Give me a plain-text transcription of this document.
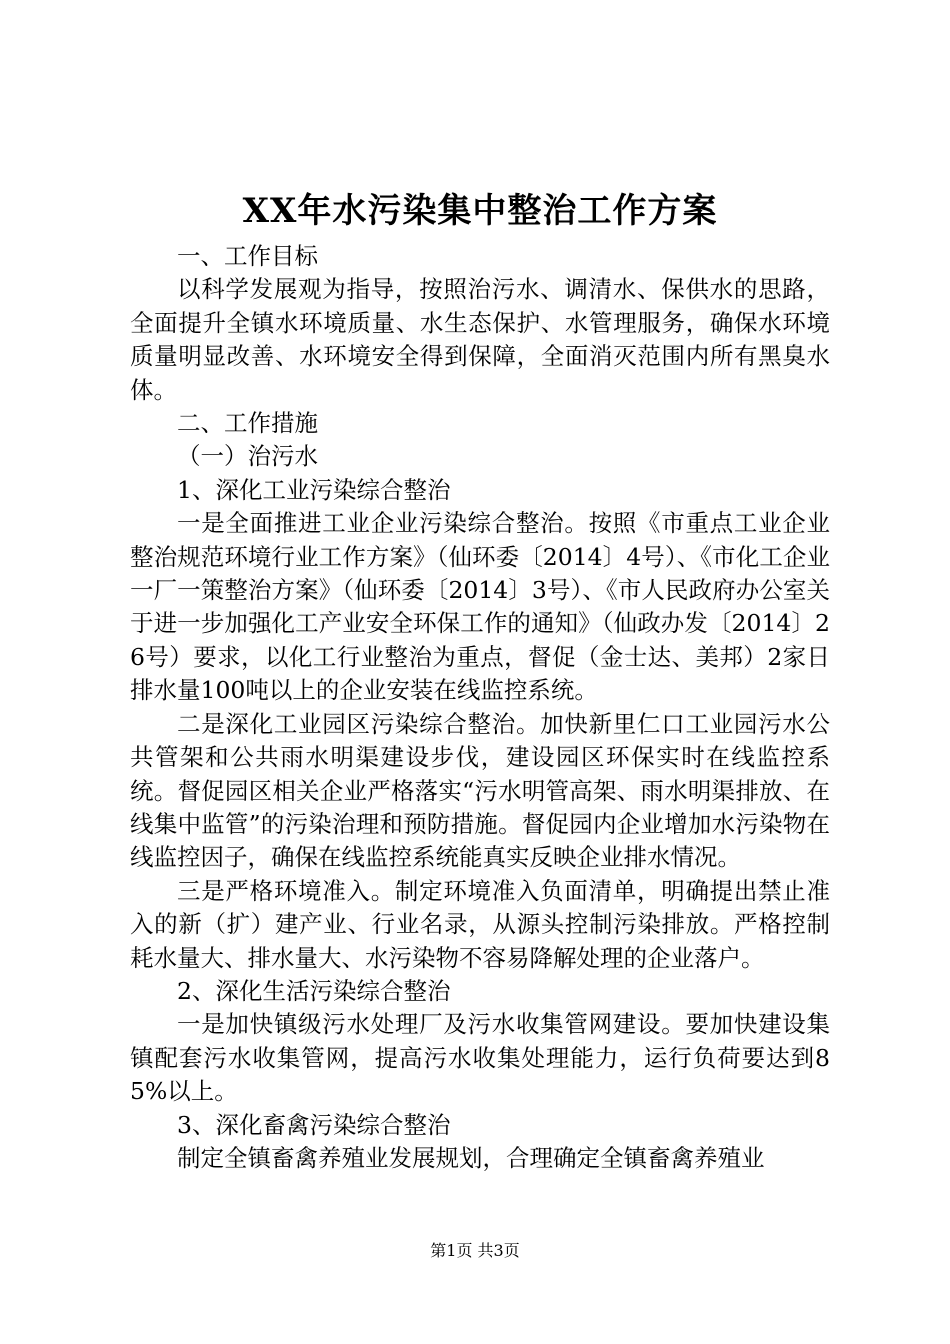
XX年水污染集中整治工作方案

一、工作目标

以科学发展观为指导，按照治污水、调清水、保供水的思路，全面提升全镇水环境质量、水生态保护、水管理服务，确保水环境质量明显改善、水环境安全得到保障，全面消灭范围内所有黑臭水体。

二、工作措施

（一）治污水

1、深化工业污染综合整治

一是全面推进工业企业污染综合整治。按照《市重点工业企业整治规范环境行业工作方案》（仙环委〔2014〕4号）、《市化工企业一厂一策整治方案》（仙环委〔2014〕3号）、《市人民政府办公室关于进一步加强化工产业安全环保工作的通知》（仙政办发〔2014〕26号）要求，以化工行业整治为重点，督促（金士达、美邦）2家日排水量100吨以上的企业安装在线监控系统。

二是深化工业园区污染综合整治。加快新里仁口工业园污水公共管架和公共雨水明渠建设步伐，建设园区环保实时在线监控系统。督促园区相关企业严格落实“污水明管高架、雨水明渠排放、在线集中监管”的污染治理和预防措施。督促园内企业增加水污染物在线监控因子，确保在线监控系统能真实反映企业排水情况。

三是严格环境准入。制定环境准入负面清单，明确提出禁止准入的新（扩）建产业、行业名录，从源头控制污染排放。严格控制耗水量大、排水量大、水污染物不容易降解处理的企业落户。

2、深化生活污染综合整治

一是加快镇级污水处理厂及污水收集管网建设。要加快建设集镇配套污水收集管网，提高污水收集处理能力，运行负荷要达到85%以上。

3、深化畜禽污染综合整治

制定全镇畜禽养殖业发展规划，合理确定全镇畜禽养殖业

第1页 共3页
